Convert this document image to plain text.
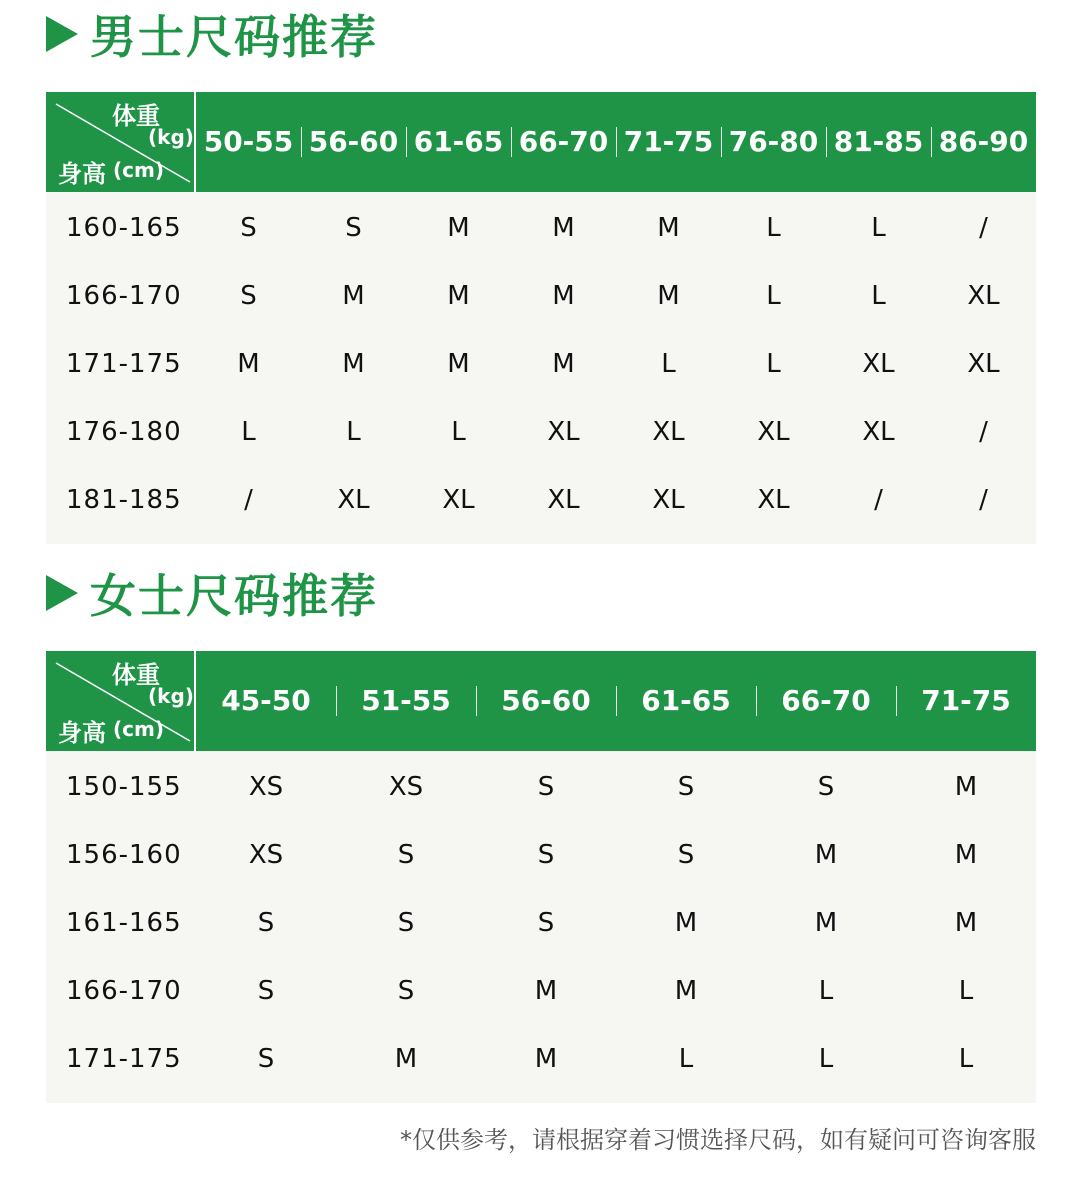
男士尺码推荐
体重
(kg)
身高 (cm)
50-55 56-60 61-65 66-70 71-75 76-80 81-85 86-90
160-165	S	S	M	M	M	L	L	/
166-170	S	M	M	M	M	L	L	XL
171-175	M	M	M	M	L	L	XL	XL
176-180	L	L	L	XL	XL	XL	XL	/
181-185	/	XL	XL	XL	XL	XL	/	/
女士尺码推荐
体重
(kg)
身高 (cm)
45-50	51-55	56-60	61-65	66-70	71-75
150-155	XS	XS	S	S	S	M
156-160	XS	S	S	S	M	M
161-165	S	S	S	M	M	M
166-170	S	S	M	M	L	L
171-175	S	M	M	L	L	L
*仅供参考，请根据穿着习惯选择尺码，如有疑问可咨询客服
